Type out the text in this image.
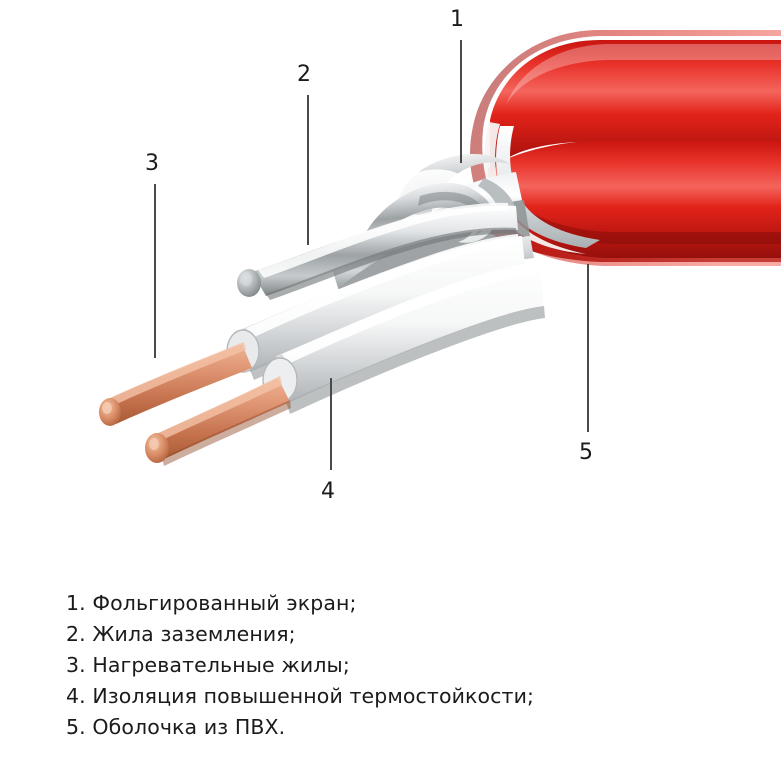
1
2
3
4
5
1. Фольгированный экран;
2. Жила заземления;
3. Нагревательные жилы;
4. Изоляция повышенной термостойкости;
5. Оболочка из ПВХ.
